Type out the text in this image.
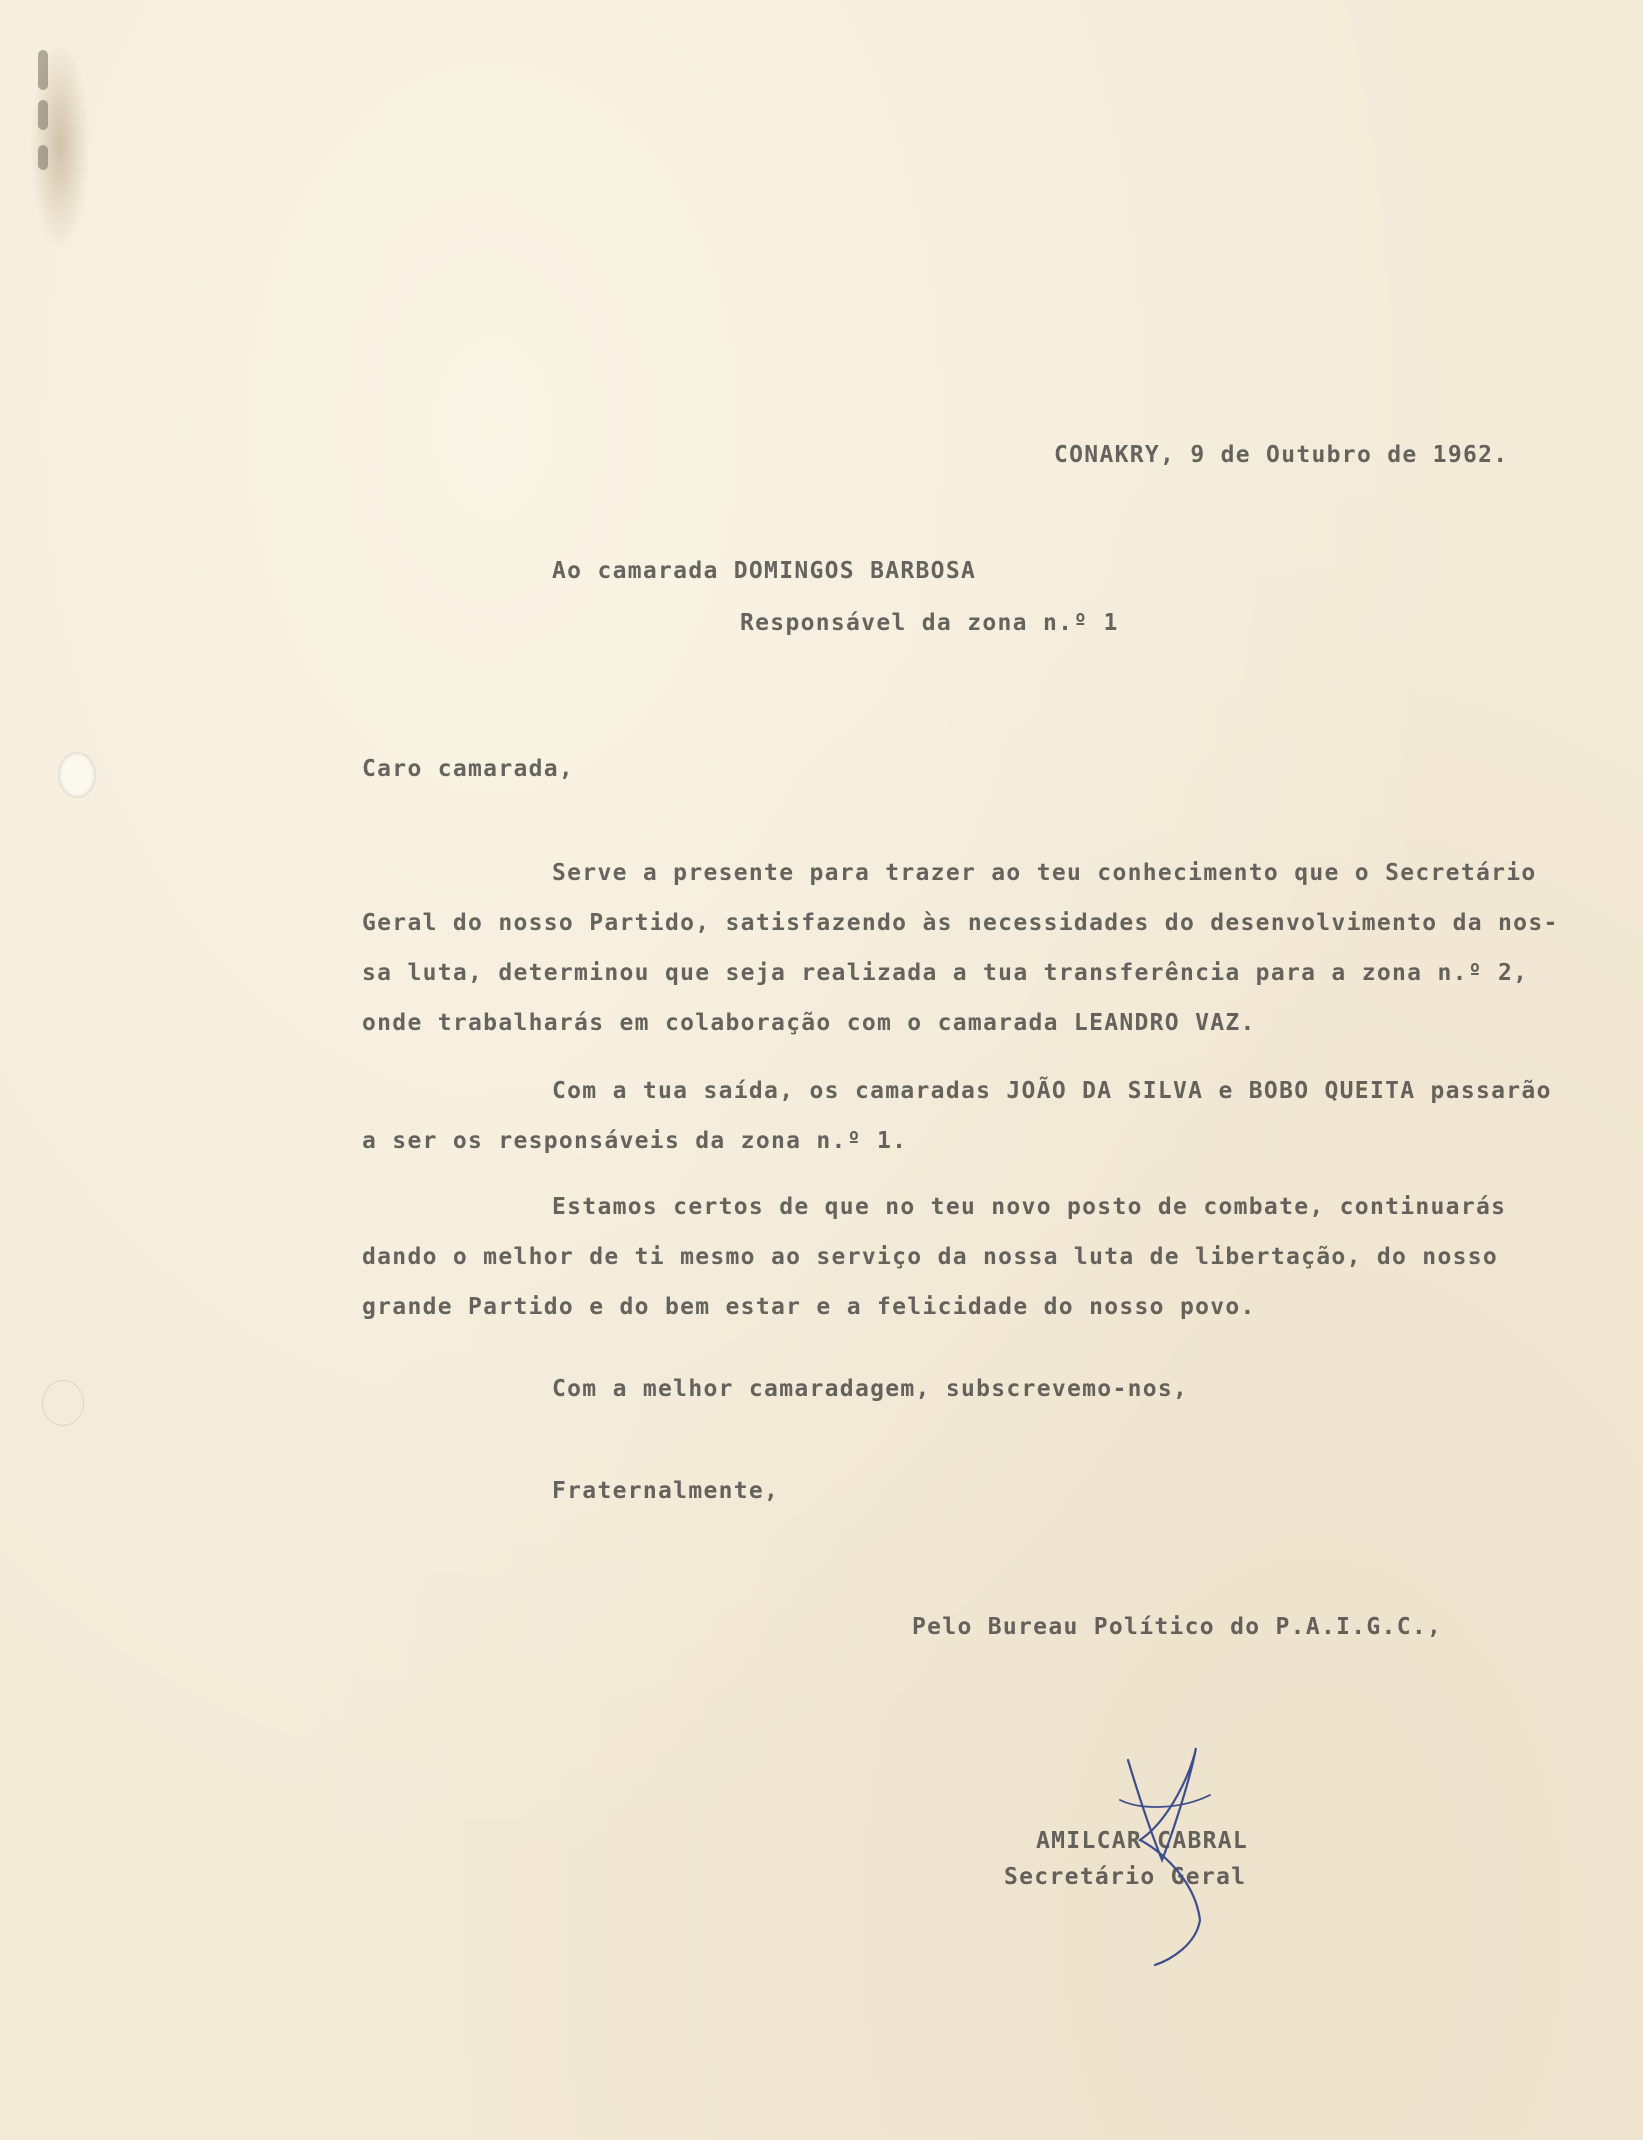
CONAKRY, 9 de Outubro de 1962.

Ao camarada DOMINGOS BARBOSA

Responsável da zona n.º 1

Caro camarada,

Serve a presente para trazer ao teu conhecimento que o Secretário

Geral do nosso Partido, satisfazendo às necessidades do desenvolvimento da nos-

sa luta, determinou que seja realizada a tua transferência para a zona n.º 2,

onde trabalharás em colaboração com o camarada LEANDRO VAZ.

Com a tua saída, os camaradas JOÃO DA SILVA e BOBO QUEITA passarão

a ser os responsáveis da zona n.º 1.

Estamos certos de que no teu novo posto de combate, continuarás

dando o melhor de ti mesmo ao serviço da nossa luta de libertação, do nosso

grande Partido e do bem estar e a felicidade do nosso povo.

Com a melhor camaradagem, subscrevemo-nos,

Fraternalmente,

Pelo Bureau Político do P.A.I.G.C.,

AMILCAR CABRAL

Secretário Geral
